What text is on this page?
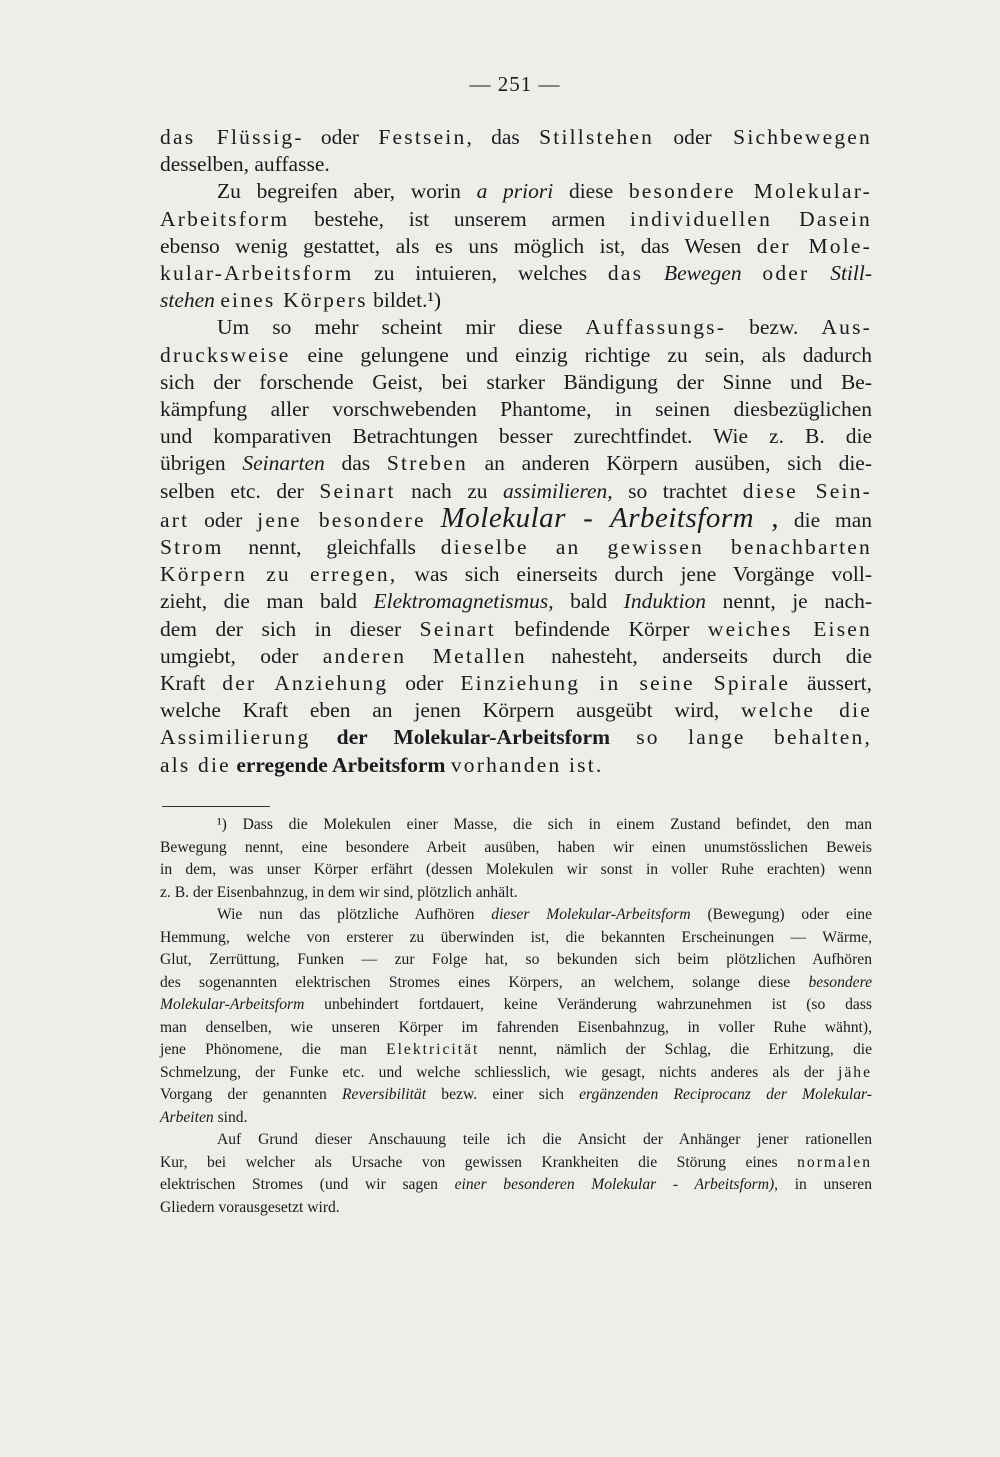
— 251 —
das Flüssig- oder Festsein, das Stillstehen oder Sichbewegen
desselben, auffasse.
Zu begreifen aber, worin a priori diese besondere Molekular-
Arbeitsform bestehe, ist unserem armen individuellen Dasein
ebenso wenig gestattet, als es uns möglich ist, das Wesen der Mole-
kular-Arbeitsform zu intuieren, welches das Bewegen oder Still-
stehen eines Körpers bildet.¹)
Um so mehr scheint mir diese Auffassungs- bezw. Aus-
drucksweise eine gelungene und einzig richtige zu sein, als dadurch
sich der forschende Geist, bei starker Bändigung der Sinne und Be-
kämpfung aller vorschwebenden Phantome, in seinen diesbezüglichen
und komparativen Betrachtungen besser zurechtfindet. Wie z. B. die
übrigen Seinarten das Streben an anderen Körpern ausüben, sich die-
selben etc. der Seinart nach zu assimilieren, so trachtet diese Sein-
art oder jene besondere Molekular - Arbeitsform , die man
Strom nennt, gleichfalls dieselbe an gewissen benachbarten
Körpern zu erregen, was sich einerseits durch jene Vorgänge voll-
zieht, die man bald Elektromagnetismus, bald Induktion nennt, je nach-
dem der sich in dieser Seinart befindende Körper weiches Eisen
umgiebt, oder anderen Metallen nahesteht, anderseits durch die
Kraft der Anziehung oder Einziehung in seine Spirale äussert,
welche Kraft eben an jenen Körpern ausgeübt wird, welche die
Assimilierung der Molekular-Arbeitsform so lange behalten,
als die erregende Arbeitsform vorhanden ist.
¹) Dass die Molekulen einer Masse, die sich in einem Zustand befindet, den man
Bewegung nennt, eine besondere Arbeit ausüben, haben wir einen unumstösslichen Beweis
in dem, was unser Körper erfährt (dessen Molekulen wir sonst in voller Ruhe erachten) wenn
z. B. der Eisenbahnzug, in dem wir sind, plötzlich anhält.
Wie nun das plötzliche Aufhören dieser Molekular-Arbeitsform (Bewegung) oder eine
Hemmung, welche von ersterer zu überwinden ist, die bekannten Erscheinungen — Wärme,
Glut, Zerrüttung, Funken — zur Folge hat, so bekunden sich beim plötzlichen Aufhören
des sogenannten elektrischen Stromes eines Körpers, an welchem, solange diese besondere
Molekular-Arbeitsform unbehindert fortdauert, keine Veränderung wahrzunehmen ist (so dass
man denselben, wie unseren Körper im fahrenden Eisenbahnzug, in voller Ruhe wähnt),
jene Phönomene, die man Elektricität nennt, nämlich der Schlag, die Erhitzung, die
Schmelzung, der Funke etc. und welche schliesslich, wie gesagt, nichts anderes als der jähe
Vorgang der genannten Reversibilität bezw. einer sich ergänzenden Reciprocanz der Molekular-
Arbeiten sind.
Auf Grund dieser Anschauung teile ich die Ansicht der Anhänger jener rationellen
Kur, bei welcher als Ursache von gewissen Krankheiten die Störung eines normalen
elektrischen Stromes (und wir sagen einer besonderen Molekular - Arbeitsform), in unseren
Gliedern vorausgesetzt wird.
